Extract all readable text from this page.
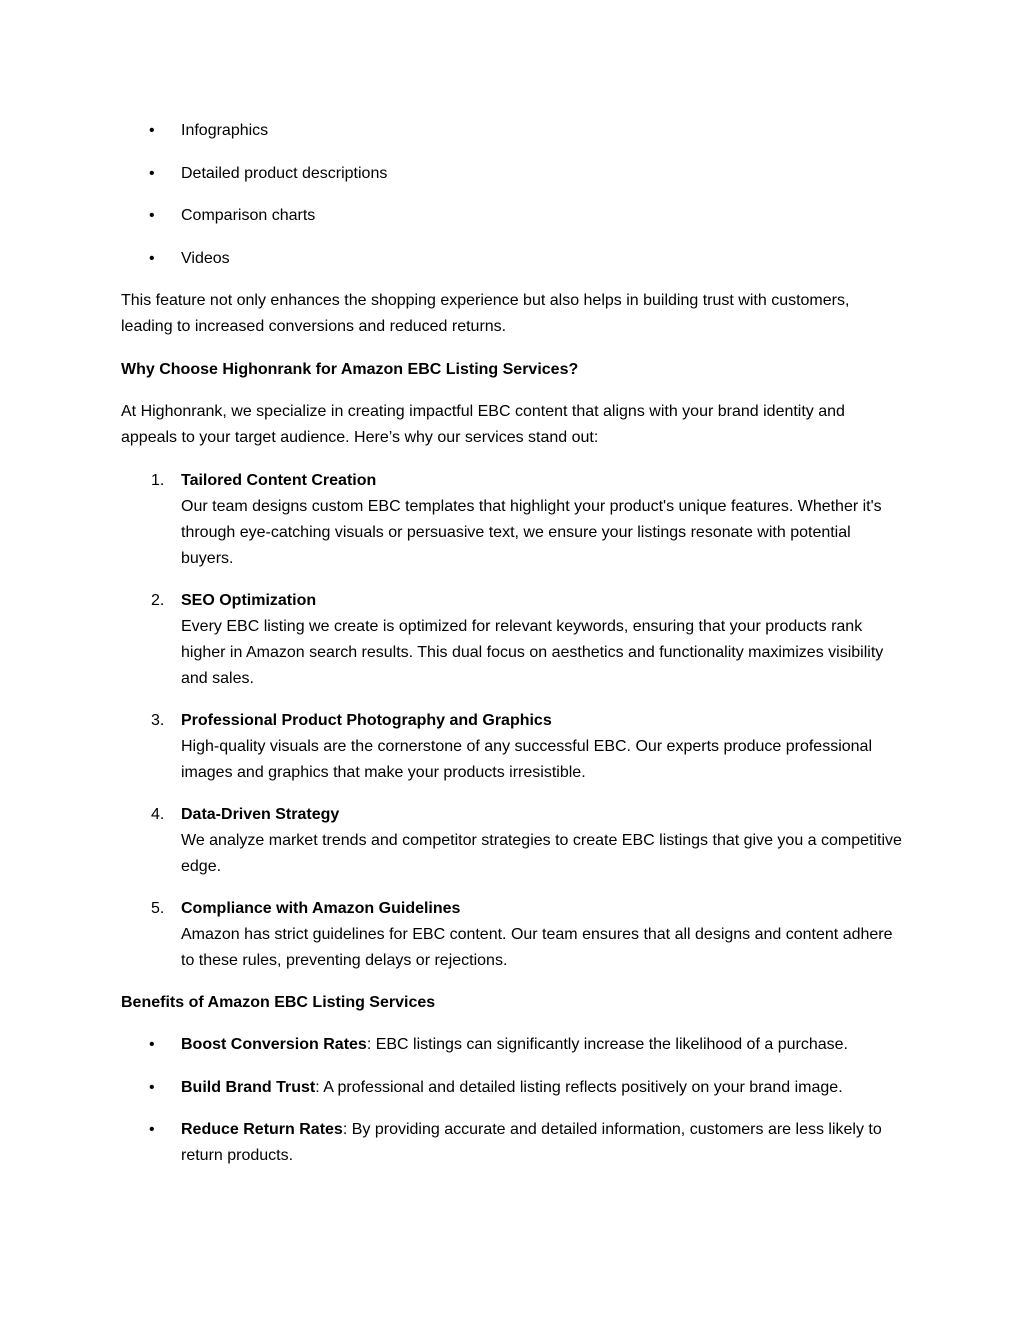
•	Infographics
•	Detailed product descriptions
•	Comparison charts
•	Videos

This feature not only enhances the shopping experience but also helps in building trust with customers, leading to increased conversions and reduced returns.

Why Choose Highonrank for Amazon EBC Listing Services?

At Highonrank, we specialize in creating impactful EBC content that aligns with your brand identity and appeals to your target audience. Here’s why our services stand out:

1.	Tailored Content Creation
Our team designs custom EBC templates that highlight your product's unique features. Whether it's through eye-catching visuals or persuasive text, we ensure your listings resonate with potential buyers.
2.	SEO Optimization
Every EBC listing we create is optimized for relevant keywords, ensuring that your products rank higher in Amazon search results. This dual focus on aesthetics and functionality maximizes visibility and sales.
3.	Professional Product Photography and Graphics
High-quality visuals are the cornerstone of any successful EBC. Our experts produce professional images and graphics that make your products irresistible.
4.	Data-Driven Strategy
We analyze market trends and competitor strategies to create EBC listings that give you a competitive edge.
5.	Compliance with Amazon Guidelines
Amazon has strict guidelines for EBC content. Our team ensures that all designs and content adhere to these rules, preventing delays or rejections.

Benefits of Amazon EBC Listing Services

•	Boost Conversion Rates: EBC listings can significantly increase the likelihood of a purchase.
•	Build Brand Trust: A professional and detailed listing reflects positively on your brand image.
•	Reduce Return Rates: By providing accurate and detailed information, customers are less likely to return products.
